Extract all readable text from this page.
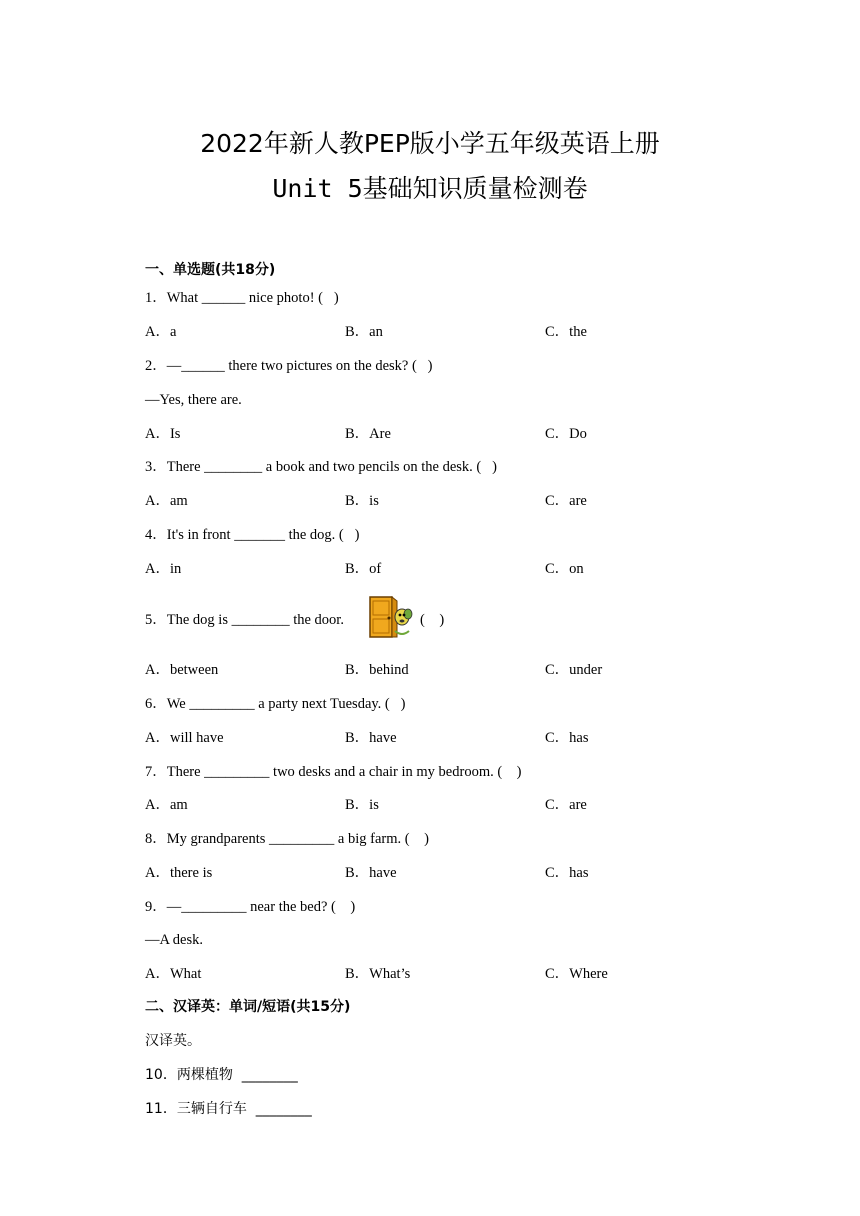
2022年新人教PEP版小学五年级英语上册
Unit 5基础知识质量检测卷
一、单选题(共18分)
1．What ______ nice photo! (   )
A．a	B．an	C．the
2．—______ there two pictures on the desk? (   )
—Yes, there are.
A．Is	B．Are	C．Do
3．There ________ a book and two pencils on the desk. (   )
A．am	B．is	C．are
4．It's in front _______ the dog. (   )
A．in	B．of	C．on
5．The dog is ________ the door.	(    )
A．between	B．behind	C．under
6．We _________ a party next Tuesday. (   )
A．will have	B．have	C．has
7．There _________ two desks and a chair in my bedroom. (    )
A．am	B．is	C．are
8．My grandparents _________ a big farm. (    )
A．there is	B．have	C．has
9．—_________ near the bed? (    )
—A desk.
A．What	B．What’s	C．Where
二、汉译英：单词/短语(共15分)
汉译英。
10．两棵植物  ________
11．三辆自行车  ________
